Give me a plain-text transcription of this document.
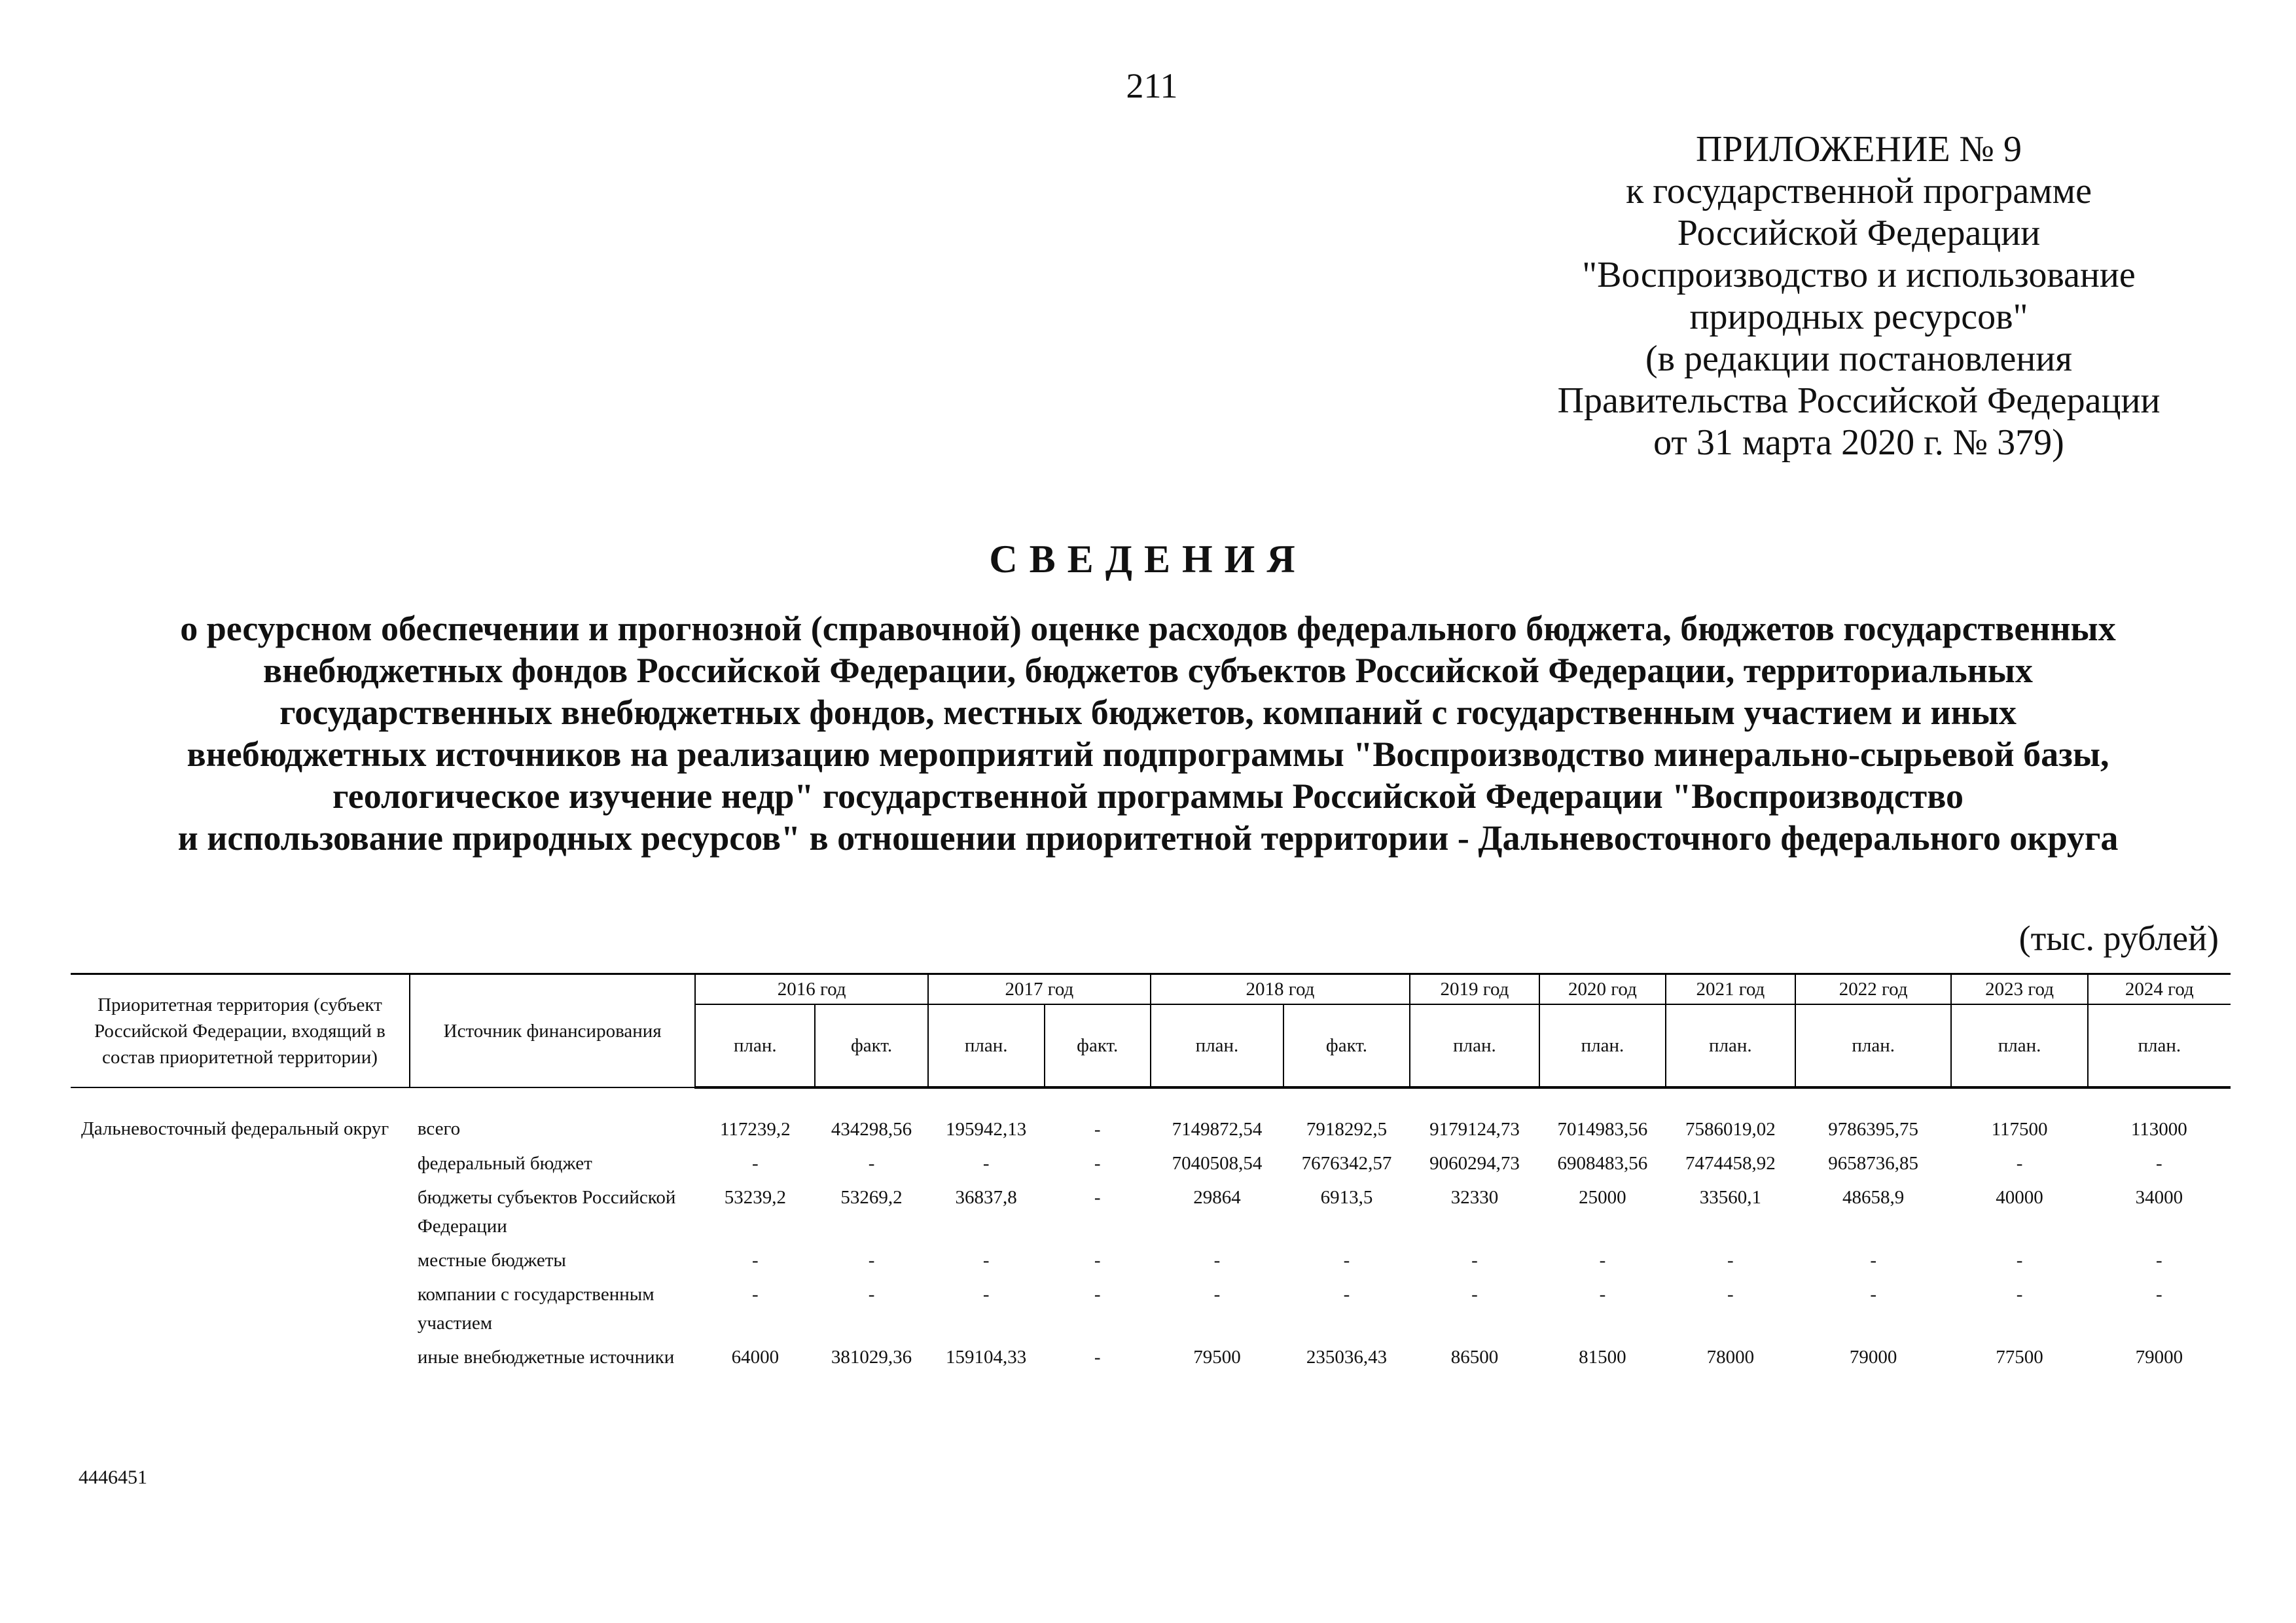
211
ПРИЛОЖЕНИЕ № 9
к государственной программе
Российской Федерации
"Воспроизводство и использование
природных ресурсов"
(в редакции постановления
Правительства Российской Федерации
от 31 марта 2020 г. № 379)
СВЕДЕНИЯ
о ресурсном обеспечении и прогнозной (справочной) оценке расходов федерального бюджета, бюджетов государственных
внебюджетных фондов Российской Федерации, бюджетов субъектов Российской Федерации, территориальных
государственных внебюджетных фондов, местных бюджетов, компаний с государственным участием и иных
внебюджетных источников на реализацию мероприятий подпрограммы "Воспроизводство минерально-сырьевой базы,
геологическое изучение недр" государственной программы Российской Федерации "Воспроизводство
и использование природных ресурсов" в отношении приоритетной территории - Дальневосточного федерального округа
(тыс. рублей)
Приоритетная территория (субъект Российской Федерации, входящий в состав приоритетной территории)	Источник финансирования	2016 год		2017 год		2018 год		2019 год	2020 год	2021 год	2022 год	2023 год	2024 год
		план.	факт.	план.	факт.	план.	факт.	план.	план.	план.	план.	план.	план.
Дальневосточный федеральный округ	всего	117239,2	434298,56	195942,13	-	7149872,54	7918292,5	9179124,73	7014983,56	7586019,02	9786395,75	117500	113000
	федеральный бюджет	-	-	-	-	7040508,54	7676342,57	9060294,73	6908483,56	7474458,92	9658736,85	-	-
	бюджеты субъектов Российской Федерации	53239,2	53269,2	36837,8	-	29864	6913,5	32330	25000	33560,1	48658,9	40000	34000
	местные бюджеты	-	-	-	-	-	-	-	-	-	-	-	-
	компании с государственным участием	-	-	-	-	-	-	-	-	-	-	-	-
	иные внебюджетные источники	64000	381029,36	159104,33	-	79500	235036,43	86500	81500	78000	79000	77500	79000
4446451
